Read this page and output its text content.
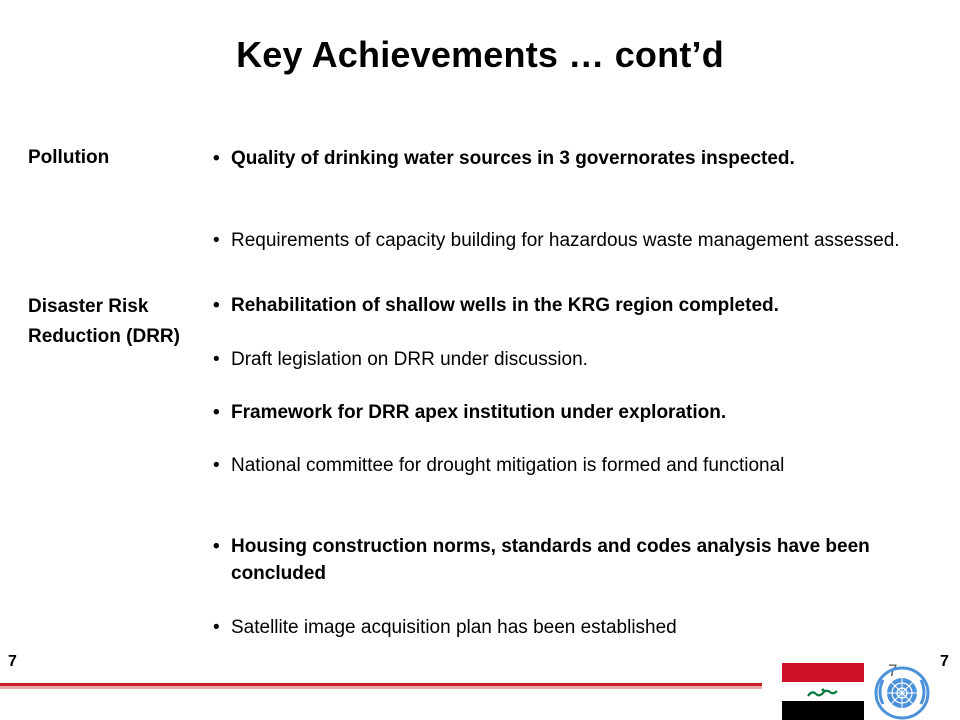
Key Achievements … cont’d
Pollution
•	Quality of drinking water sources in 3 governorates inspected.
• Requirements of capacity building for hazardous waste management assessed.
Disaster Risk Reduction (DRR)
• Rehabilitation of shallow wells in the KRG region completed.
• Draft legislation on DRR under discussion.
• Framework for DRR apex institution under exploration.
• National committee for drought mitigation is formed and functional
• Housing construction norms, standards and codes analysis have been concluded
• Satellite image acquisition plan has been established
7	7	7
